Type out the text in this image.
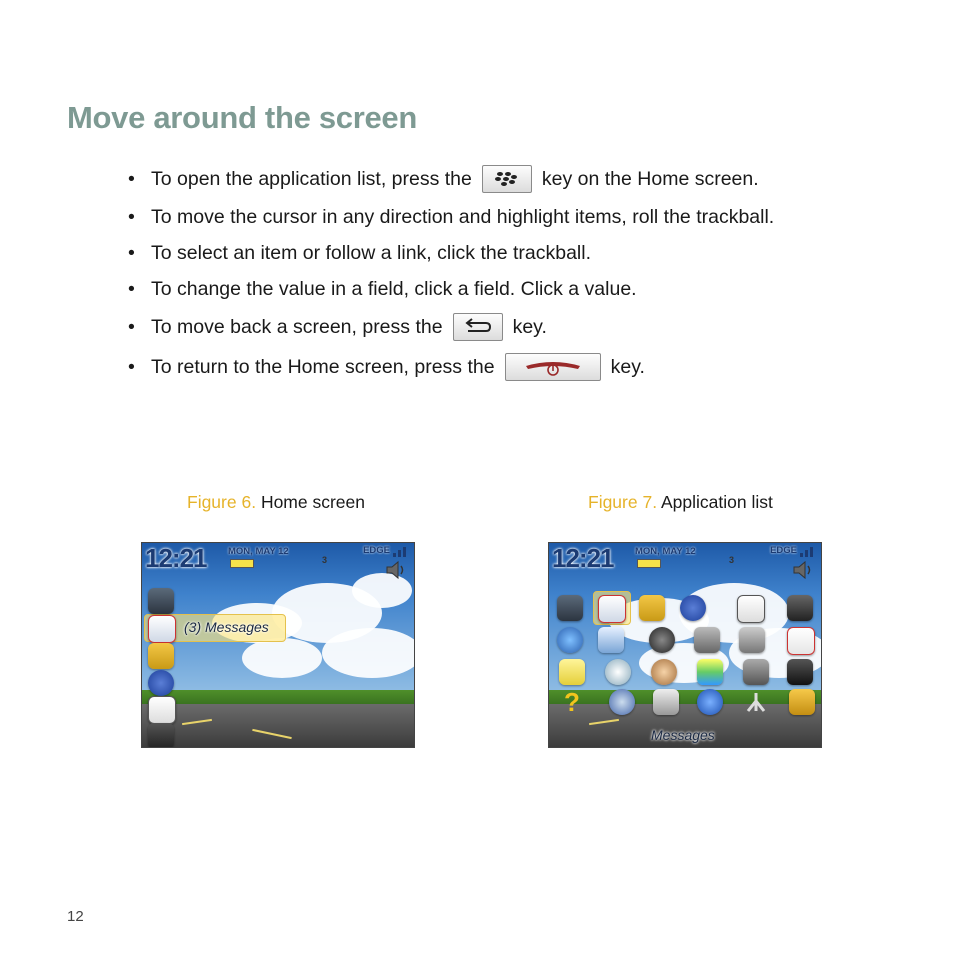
Move around the screen
• To open the application list, press the	key on the Home screen.
• To move the cursor in any direction and highlight items, roll the trackball.
• To select an item or follow a link, click the trackball.
• To change the value in a field, click a field. Click a value.
• To move back a screen, press the	key.
• To return to the Home screen, press the	key.
Figure 6. Home screen	Figure 7. Application list
12:21 MON, MAY 12	EDGE
3
(3) Messages
12:21 MON, MAY 12	EDGE
3
?
Messages
12
